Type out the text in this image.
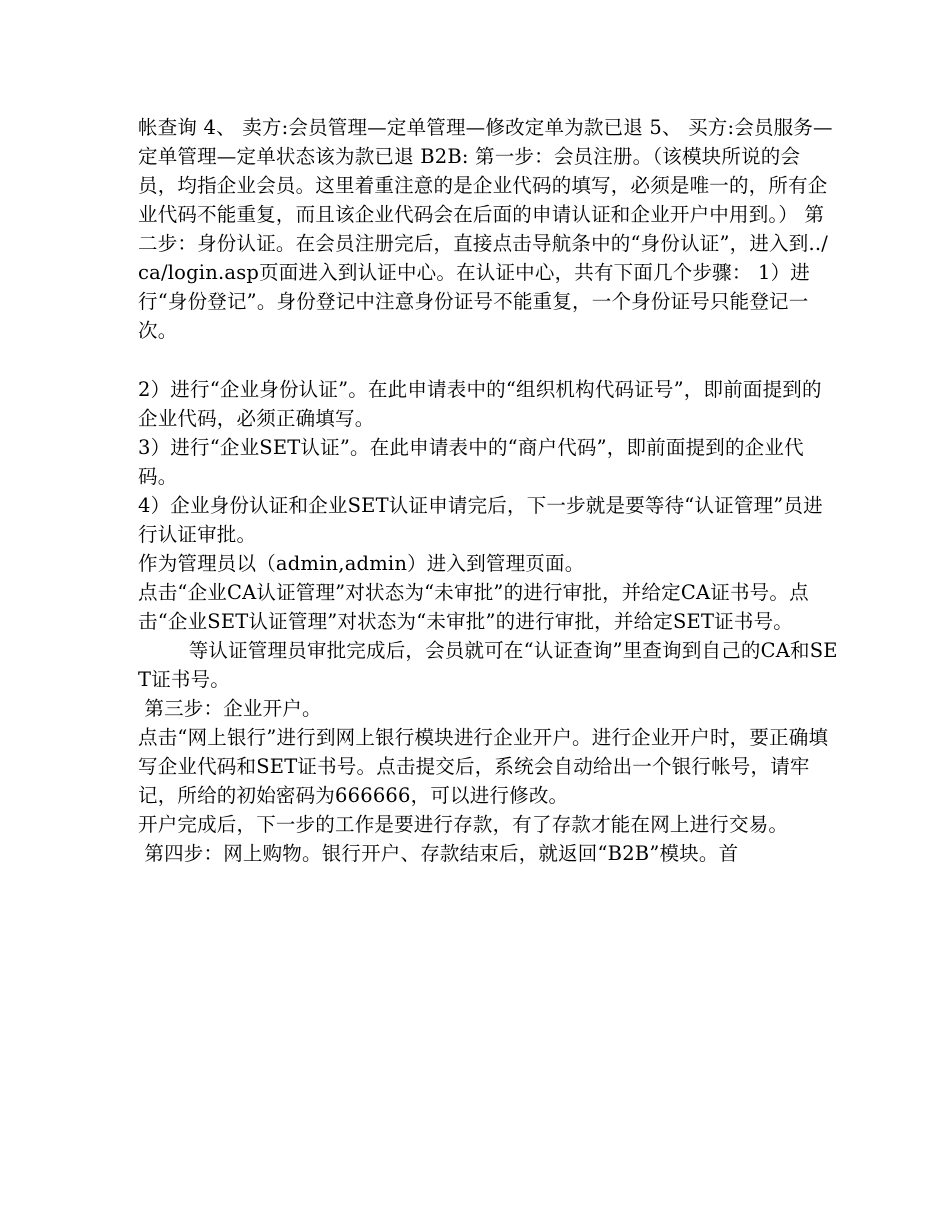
帐查询 4、 卖方:会员管理—定单管理—修改定单为款已退 5、 买方:会员服务—定单管理—定单状态该为款已退 B2B: 第一步：会员注册。（该模块所说的会员，均指企业会员。这里着重注意的是企业代码的填写，必须是唯一的，所有企业代码不能重复，而且该企业代码会在后面的申请认证和企业开户中用到。） 第二步：身份认证。在会员注册完后，直接点击导航条中的“身份认证”，进入到../ca/login.asp页面进入到认证中心。在认证中心，共有下面几个步骤： 1）进行“身份登记”。身份登记中注意身份证号不能重复，一个身份证号只能登记一次。

2）进行“企业身份认证”。在此申请表中的“组织机构代码证号”，即前面提到的企业代码，必须正确填写。

3）进行“企业SET认证”。在此申请表中的“商户代码”，即前面提到的企业代码。

4）企业身份认证和企业SET认证申请完后，下一步就是要等待“认证管理”员进行认证审批。

作为管理员以（admin,admin）进入到管理页面。

点击“企业CA认证管理”对状态为“未审批”的进行审批，并给定CA证书号。点击“企业SET认证管理”对状态为“未审批”的进行审批，并给定SET证书号。

等认证管理员审批完成后，会员就可在“认证查询”里查询到自己的CA和SET证书号。

第三步：企业开户。

点击“网上银行”进行到网上银行模块进行企业开户。进行企业开户时，要正确填写企业代码和SET证书号。点击提交后，系统会自动给出一个银行帐号，请牢记，所给的初始密码为666666，可以进行修改。

开户完成后，下一步的工作是要进行存款，有了存款才能在网上进行交易。

第四步：网上购物。银行开户、存款结束后，就返回“B2B”模块。首
